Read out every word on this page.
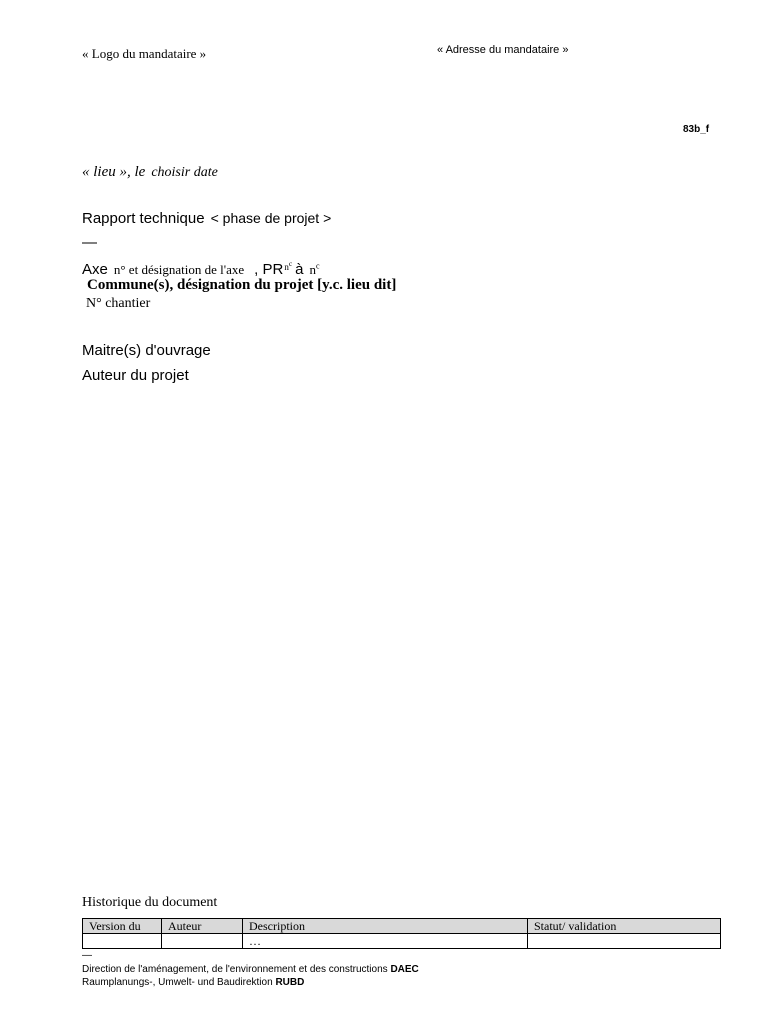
« Logo du mandataire »	« Adresse du mandataire »
83b_f
« lieu », le choisir date
Rapport technique < phase de projet >
—
Axe n° et désignation de l'axe , $PR^{n^c}$ à $n^c$
Commune(s), désignation du projet [y.c. lieu dit]
N° chantier
Maitre(s) d'ouvrage
Auteur du projet
Historique du document
Version du	Auteur	Description	Statut/ validation
		…	
—
Direction de l'aménagement, de l'environnement et des constructions DAEC
Raumplanungs-, Umwelt- und Baudirektion RUBD
